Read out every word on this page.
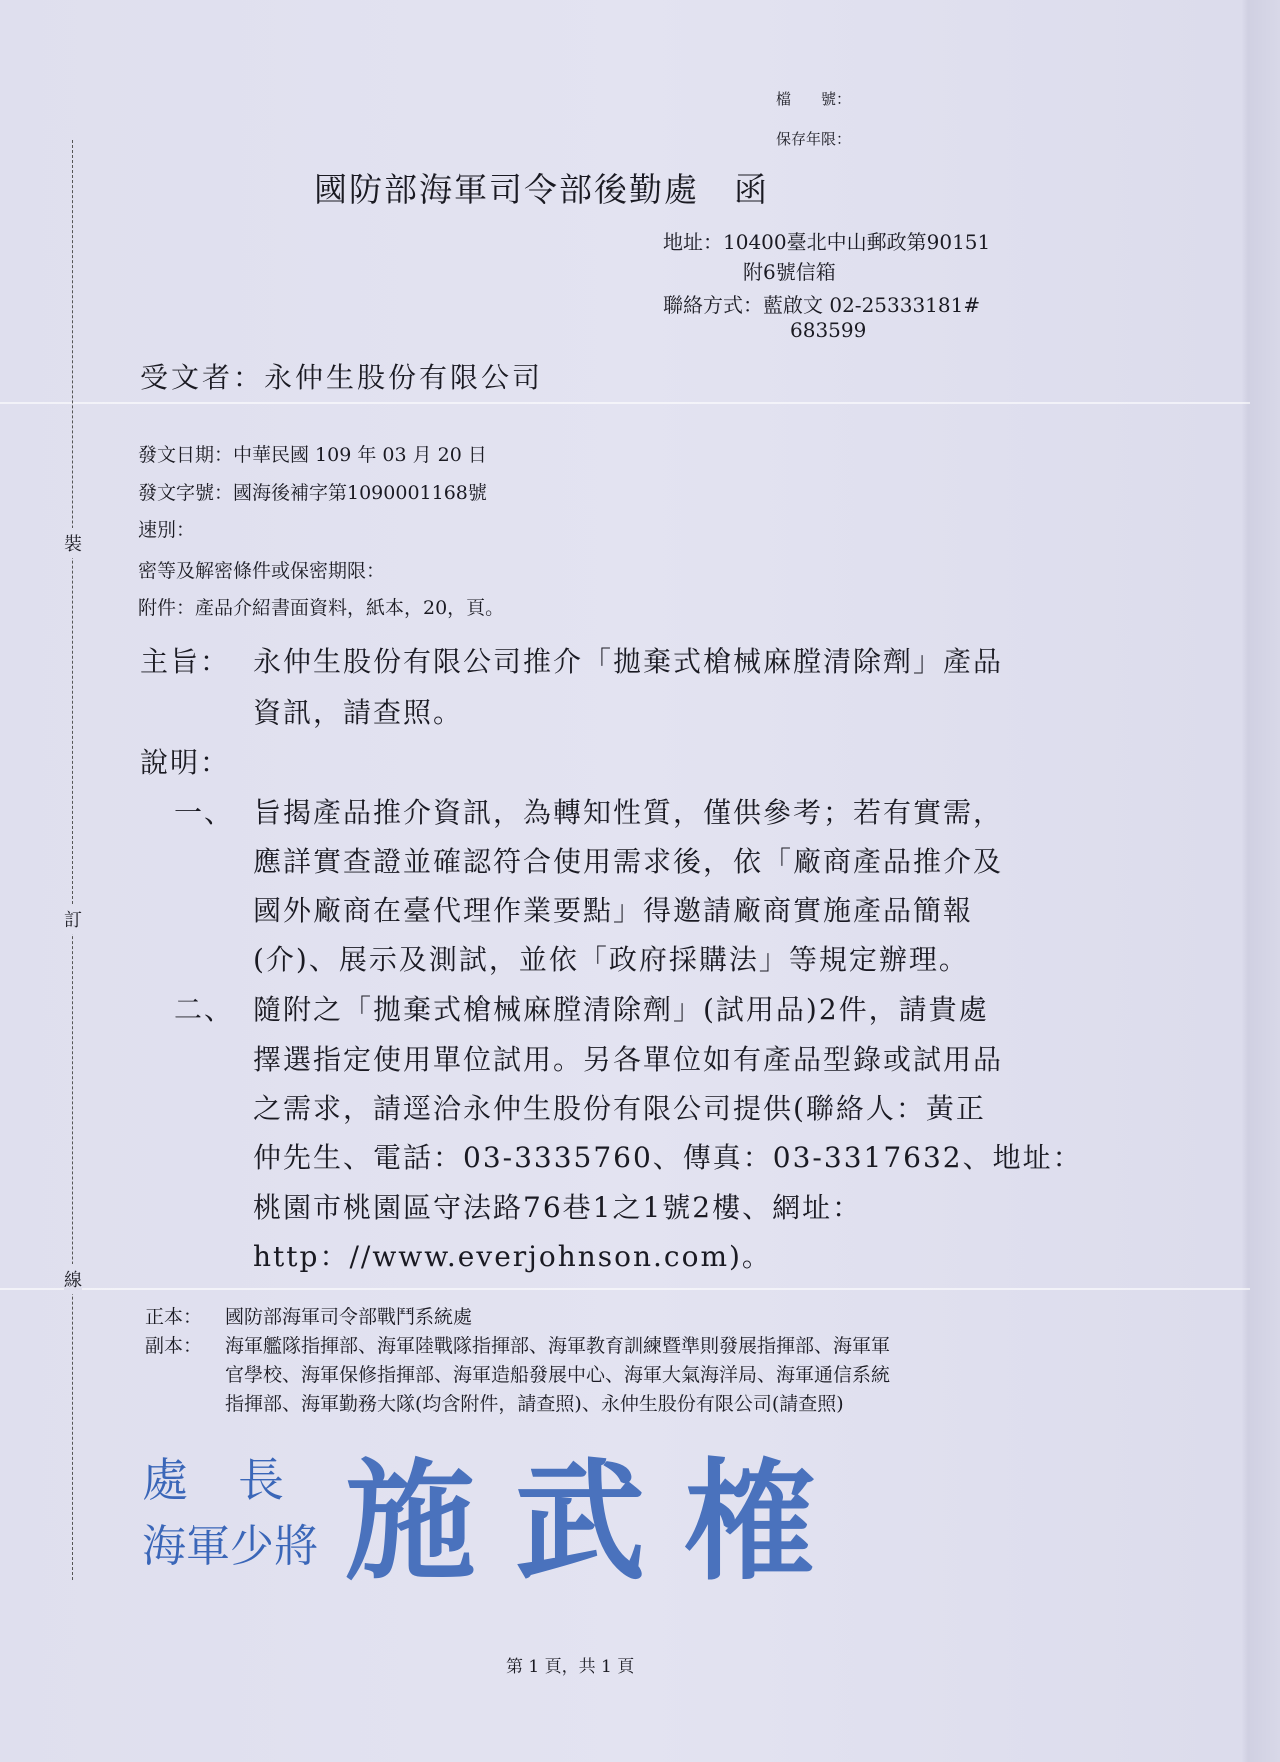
裝
訂
線
檔　　號：
保存年限：
國防部海軍司令部後勤處　函
地址：10400臺北中山郵政第90151
附6號信箱
聯絡方式：藍啟文 02-25333181#
683599
受文者：永仲生股份有限公司
發文日期：中華民國 109 年 03 月 20 日
發文字號：國海後補字第1090001168號
速別：
密等及解密條件或保密期限：
附件：產品介紹書面資料，紙本，20，頁。
主旨： 永仲生股份有限公司推介「拋棄式槍械麻膛清除劑」產品
資訊，請查照。
說明：
一、 旨揭產品推介資訊，為轉知性質，僅供參考；若有實需，
應詳實查證並確認符合使用需求後，依「廠商產品推介及
國外廠商在臺代理作業要點」得邀請廠商實施產品簡報
(介)、展示及測試，並依「政府採購法」等規定辦理。
二、 隨附之「拋棄式槍械麻膛清除劑」(試用品)2件，請貴處
擇選指定使用單位試用。另各單位如有產品型錄或試用品
之需求，請逕洽永仲生股份有限公司提供(聯絡人：黃正
仲先生、電話：03-3335760、傳真：03-3317632、地址：
桃園市桃園區守法路76巷1之1號2樓、網址：
http：//www.everjohnson.com)。
正本： 國防部海軍司令部戰鬥系統處
副本： 海軍艦隊指揮部、海軍陸戰隊指揮部、海軍教育訓練暨準則發展指揮部、海軍軍
官學校、海軍保修指揮部、海軍造船發展中心、海軍大氣海洋局、海軍通信系統
指揮部、海軍勤務大隊(均含附件，請查照)、永仲生股份有限公司(請查照)
處　長
海軍少將 施武榷
第 1 頁，共 1 頁
